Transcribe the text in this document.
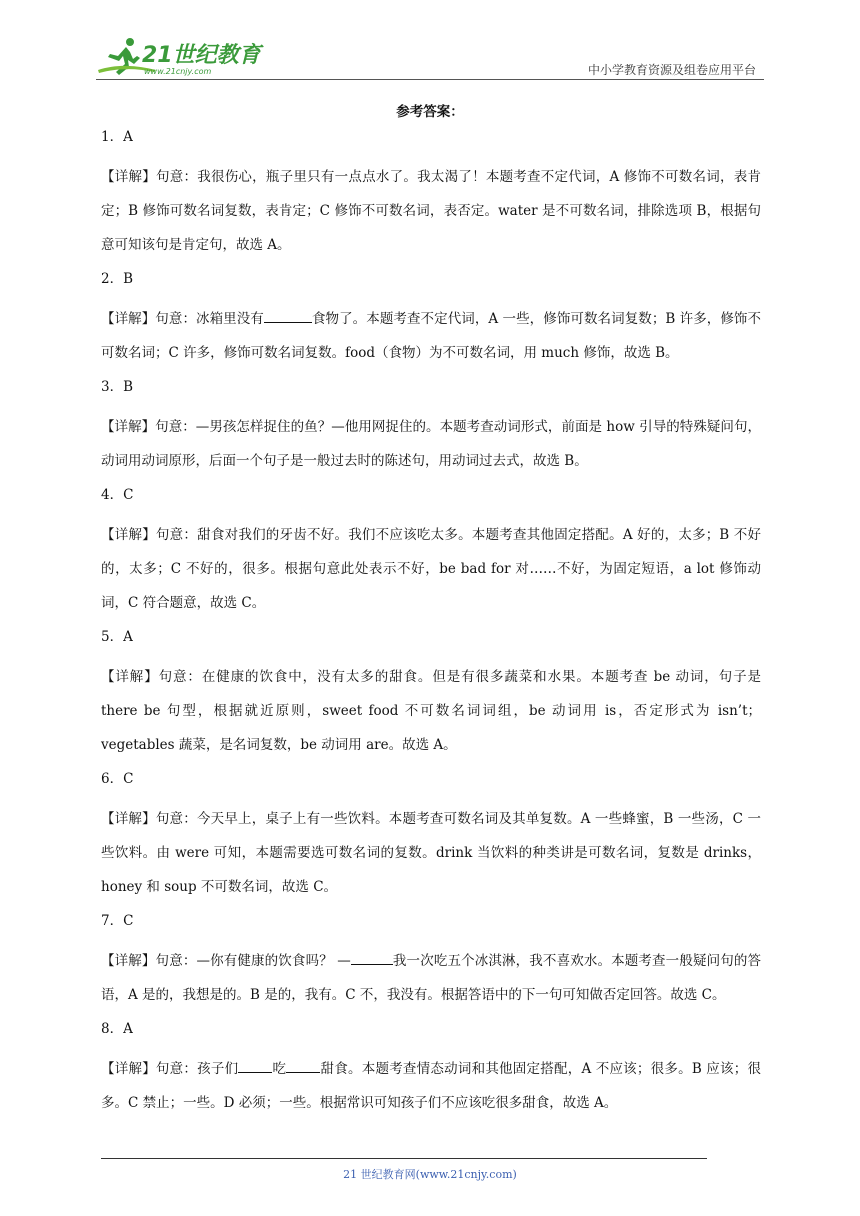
21世纪教育
www.21cnjy.com	中小学教育资源及组卷应用平台
参考答案：
1．A
【详解】句意：我很伤心，瓶子里只有一点点水了。我太渴了！本题考查不定代词，A 修饰不可数名词，表肯定；B 修饰可数名词复数，表肯定；C 修饰不可数名词，表否定。water 是不可数名词，排除选项 B，根据句意可知该句是肯定句，故选 A。
2．B
【详解】句意：冰箱里没有	食物了。本题考查不定代词，A 一些，修饰可数名词复数；B 许多，修饰不可数名词；C 许多，修饰可数名词复数。food（食物）为不可数名词，用 much 修饰，故选 B。
3．B
【详解】句意：—男孩怎样捉住的鱼？—他用网捉住的。本题考查动词形式，前面是 how 引导的特殊疑问句，动词用动词原形，后面一个句子是一般过去时的陈述句，用动词过去式，故选 B。
4．C
【详解】句意：甜食对我们的牙齿不好。我们不应该吃太多。本题考查其他固定搭配。A 好的，太多；B 不好的，太多；C 不好的，很多。根据句意此处表示不好，be bad for 对……不好，为固定短语，a lot 修饰动词，C 符合题意，故选 C。
5．A
【详解】句意：在健康的饮食中，没有太多的甜食。但是有很多蔬菜和水果。本题考查 be 动词，句子是 there be 句型，根据就近原则，sweet food 不可数名词词组，be 动词用 is，否定形式为 isn’t；vegetables 蔬菜，是名词复数，be 动词用 are。故选 A。
6．C
【详解】句意：今天早上，桌子上有一些饮料。本题考查可数名词及其单复数。A 一些蜂蜜，B 一些汤，C 一些饮料。由 were 可知，本题需要选可数名词的复数。drink 当饮料的种类讲是可数名词，复数是 drinks，honey 和 soup 不可数名词，故选 C。
7．C
【详解】句意：—你有健康的饮食吗？ —	我一次吃五个冰淇淋，我不喜欢水。本题考查一般疑问句的答语，A 是的，我想是的。B 是的，我有。C 不，我没有。根据答语中的下一句可知做否定回答。故选 C。
8．A
【详解】句意：孩子们	吃	甜食。本题考查情态动词和其他固定搭配，A 不应该；很多。B 应该；很多。C 禁止；一些。D 必须；一些。根据常识可知孩子们不应该吃很多甜食，故选 A。
21 世纪教育网(www.21cnjy.com)
